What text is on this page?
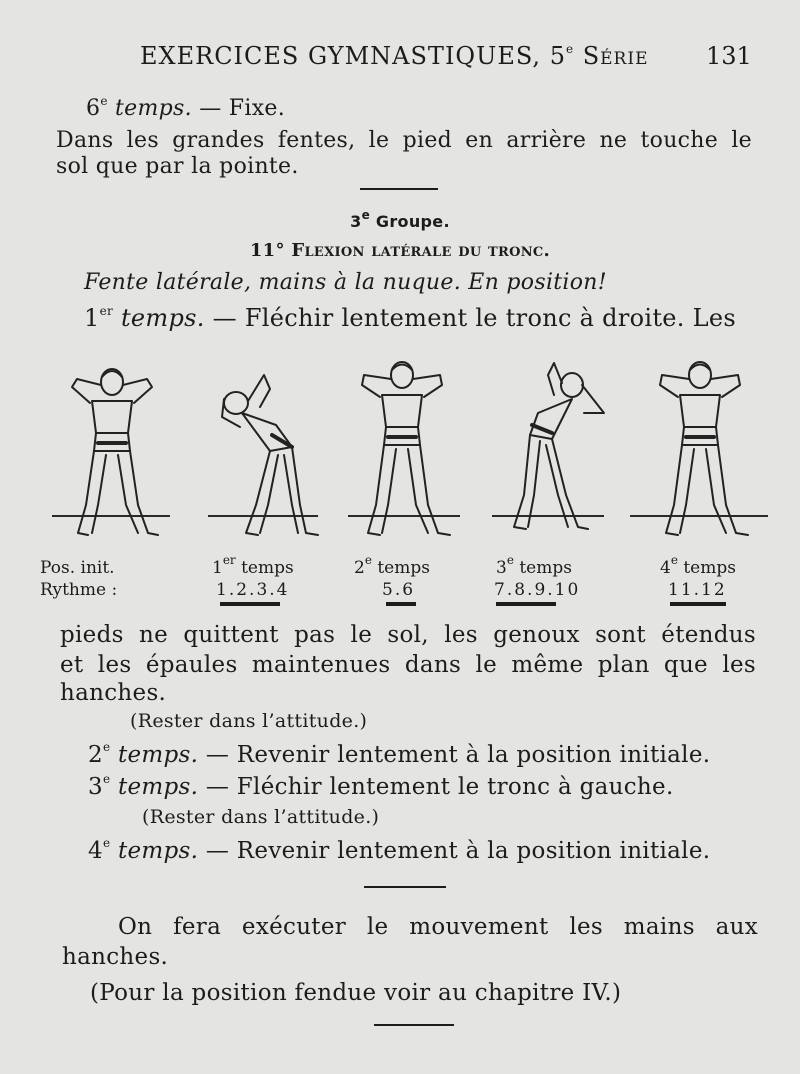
EXERCICES GYMNASTIQUES, 5e Série	131
6e temps. — Fixe.
Dans les grandes fentes, le pied en arrière ne touche le
sol que par la pointe.
3e Groupe.
11° Flexion latérale du tronc.
Fente latérale, mains à la nuque. En position!
1er temps. — Fléchir lentement le tronc à droite. Les
Pos. init.	1er temps	2e temps	3e temps	4e temps
Rythme :	1.2.3.4	5.6	7.8.9.10	11.12
pieds ne quittent pas le sol, les genoux sont étendus
et les épaules maintenues dans le même plan que les
hanches.
(Rester dans l’attitude.)
2e temps. — Revenir lentement à la position initiale.
3e temps. — Fléchir lentement le tronc à gauche.
(Rester dans l’attitude.)
4e temps. — Revenir lentement à la position initiale.
On fera exécuter le mouvement les mains aux
hanches.
(Pour la position fendue voir au chapitre IV.)
